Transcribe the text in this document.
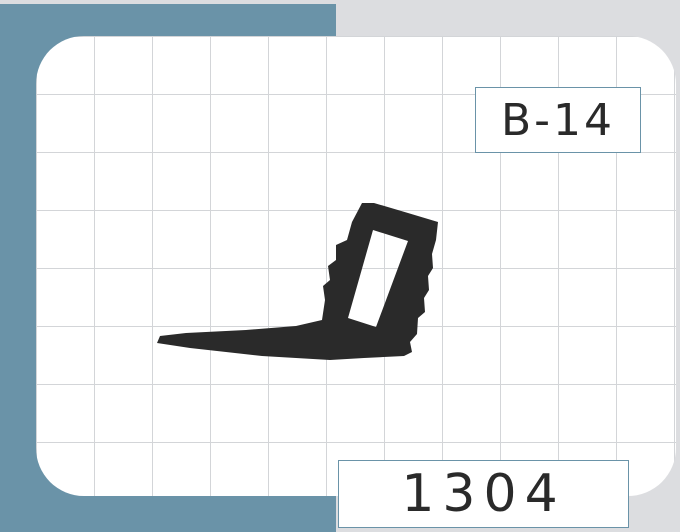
B-14
1304
